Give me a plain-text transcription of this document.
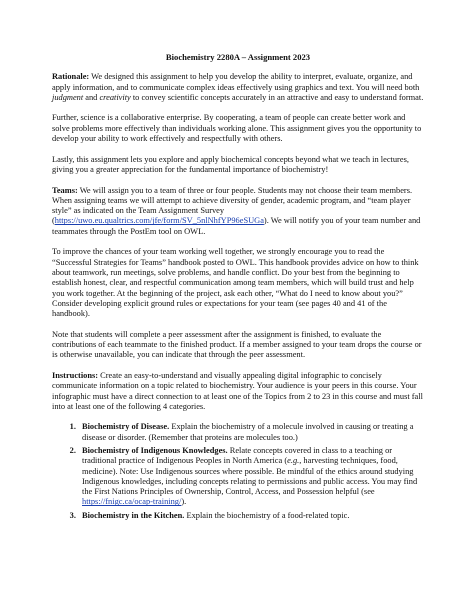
Biochemistry 2280A – Assignment 2023

Rationale: We designed this assignment to help you develop the ability to interpret, evaluate, organize, and apply information, and to communicate complex ideas effectively using graphics and text. You will need both judgment and creativity to convey scientific concepts accurately in an attractive and easy to understand format.

Further, science is a collaborative enterprise. By cooperating, a team of people can create better work and solve problems more effectively than individuals working alone. This assignment gives you the opportunity to develop your ability to work effectively and respectfully with others.

Lastly, this assignment lets you explore and apply biochemical concepts beyond what we teach in lectures, giving you a greater appreciation for the fundamental importance of biochemistry!

Teams: We will assign you to a team of three or four people. Students may not choose their team members. When assigning teams we will attempt to achieve diversity of gender, academic program, and “team player style” as indicated on the Team Assignment Survey (https://uwo.eu.qualtrics.com/jfe/form/SV_5nlNhfYP96eSUGa). We will notify you of your team number and teammates through the PostEm tool on OWL.

To improve the chances of your team working well together, we strongly encourage you to read the “Successful Strategies for Teams” handbook posted to OWL. This handbook provides advice on how to think about teamwork, run meetings, solve problems, and handle conflict. Do your best from the beginning to establish honest, clear, and respectful communication among team members, which will build trust and help you work together. At the beginning of the project, ask each other, “What do I need to know about you?” Consider developing explicit ground rules or expectations for your team (see pages 40 and 41 of the handbook).

Note that students will complete a peer assessment after the assignment is finished, to evaluate the contributions of each teammate to the finished product. If a member assigned to your team drops the course or is otherwise unavailable, you can indicate that through the peer assessment.

Instructions: Create an easy-to-understand and visually appealing digital infographic to concisely communicate information on a topic related to biochemistry. Your audience is your peers in this course. Your infographic must have a direct connection to at least one of the Topics from 2 to 23 in this course and must fall into at least one of the following 4 categories.

1. Biochemistry of Disease. Explain the biochemistry of a molecule involved in causing or treating a disease or disorder. (Remember that proteins are molecules too.)
2. Biochemistry of Indigenous Knowledges. Relate concepts covered in class to a teaching or traditional practice of Indigenous Peoples in North America (e.g., harvesting techniques, food, medicine). Note: Use Indigenous sources where possible. Be mindful of the ethics around studying Indigenous knowledges, including concepts relating to permissions and public access. You may find the First Nations Principles of Ownership, Control, Access, and Possession helpful (see https://fnigc.ca/ocap-training/).
3. Biochemistry in the Kitchen. Explain the biochemistry of a food-related topic.
